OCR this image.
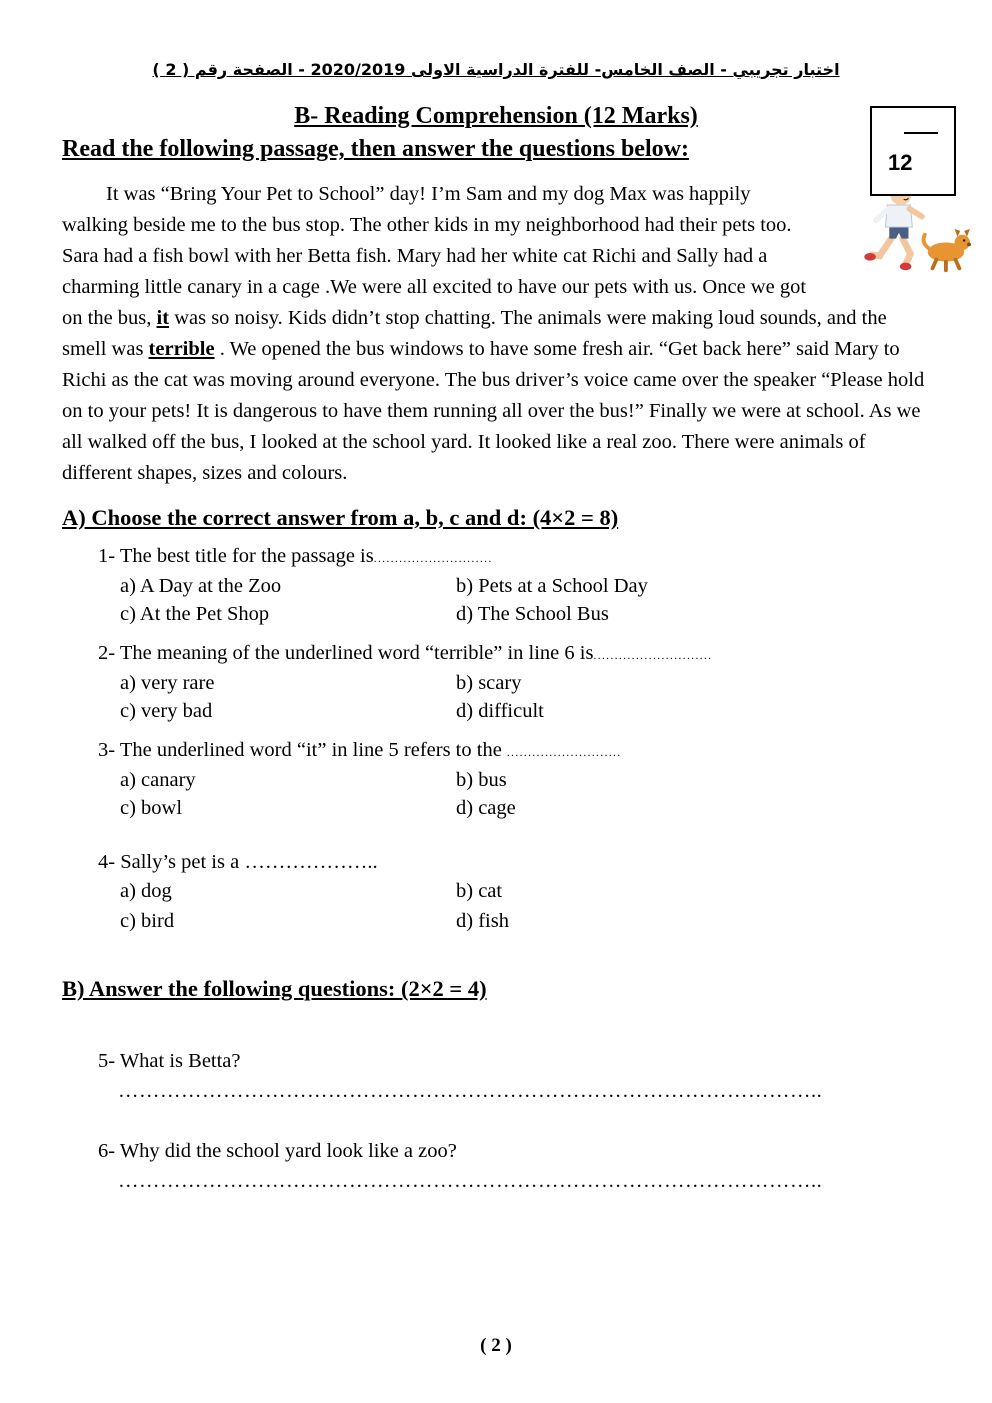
اختبار تجريبي - الصف الخامس- للفترة الدراسية الاولى 2020/2019 - الصفحة رقم ( 2 )
12
B- Reading Comprehension (12 Marks)
Read the following passage, then answer the questions below:
It was “Bring Your Pet to School” day! I’m Sam and my dog Max was happily walking beside me to the bus stop. The other kids in my neighborhood had their pets too. Sara had a fish bowl with her Betta fish. Mary had her white cat Richi and Sally had a charming little canary in a cage .We were all excited to have our pets with us. Once we got on the bus, it was so noisy. Kids didn’t stop chatting. The animals were making loud sounds, and the smell was terrible . We opened the bus windows to have some fresh air. “Get back here” said Mary to Richi as the cat was moving around everyone. The bus driver’s voice came over the speaker “Please hold on to your pets! It is dangerous to have them running all over the bus!” Finally we were at school. As we all walked off the bus, I looked at the school yard. It looked like a real zoo. There were animals of different shapes, sizes and colours.
A) Choose the correct answer from a, b, c and d: (4×2 = 8)
1- The best title for the passage is............................
a) A Day at the Zoo	b) Pets at a School Day
c) At the Pet Shop	d) The School Bus
2- The meaning of the underlined word “terrible” in line 6 is............................
a) very rare	b) scary
c) very bad	d) difficult
3- The underlined word “it” in line 5 refers to the ...........................
a) canary	b) bus
c) bowl	d) cage
4- Sally’s pet is a ………………..
a) dog	b) cat
c) bird	d) fish
B) Answer the following questions: (2×2 = 4)
5- What is Betta?
………………………………………………………………………………………..
6- Why did the school yard look like a zoo?
………………………………………………………………………………………..
( 2 )
